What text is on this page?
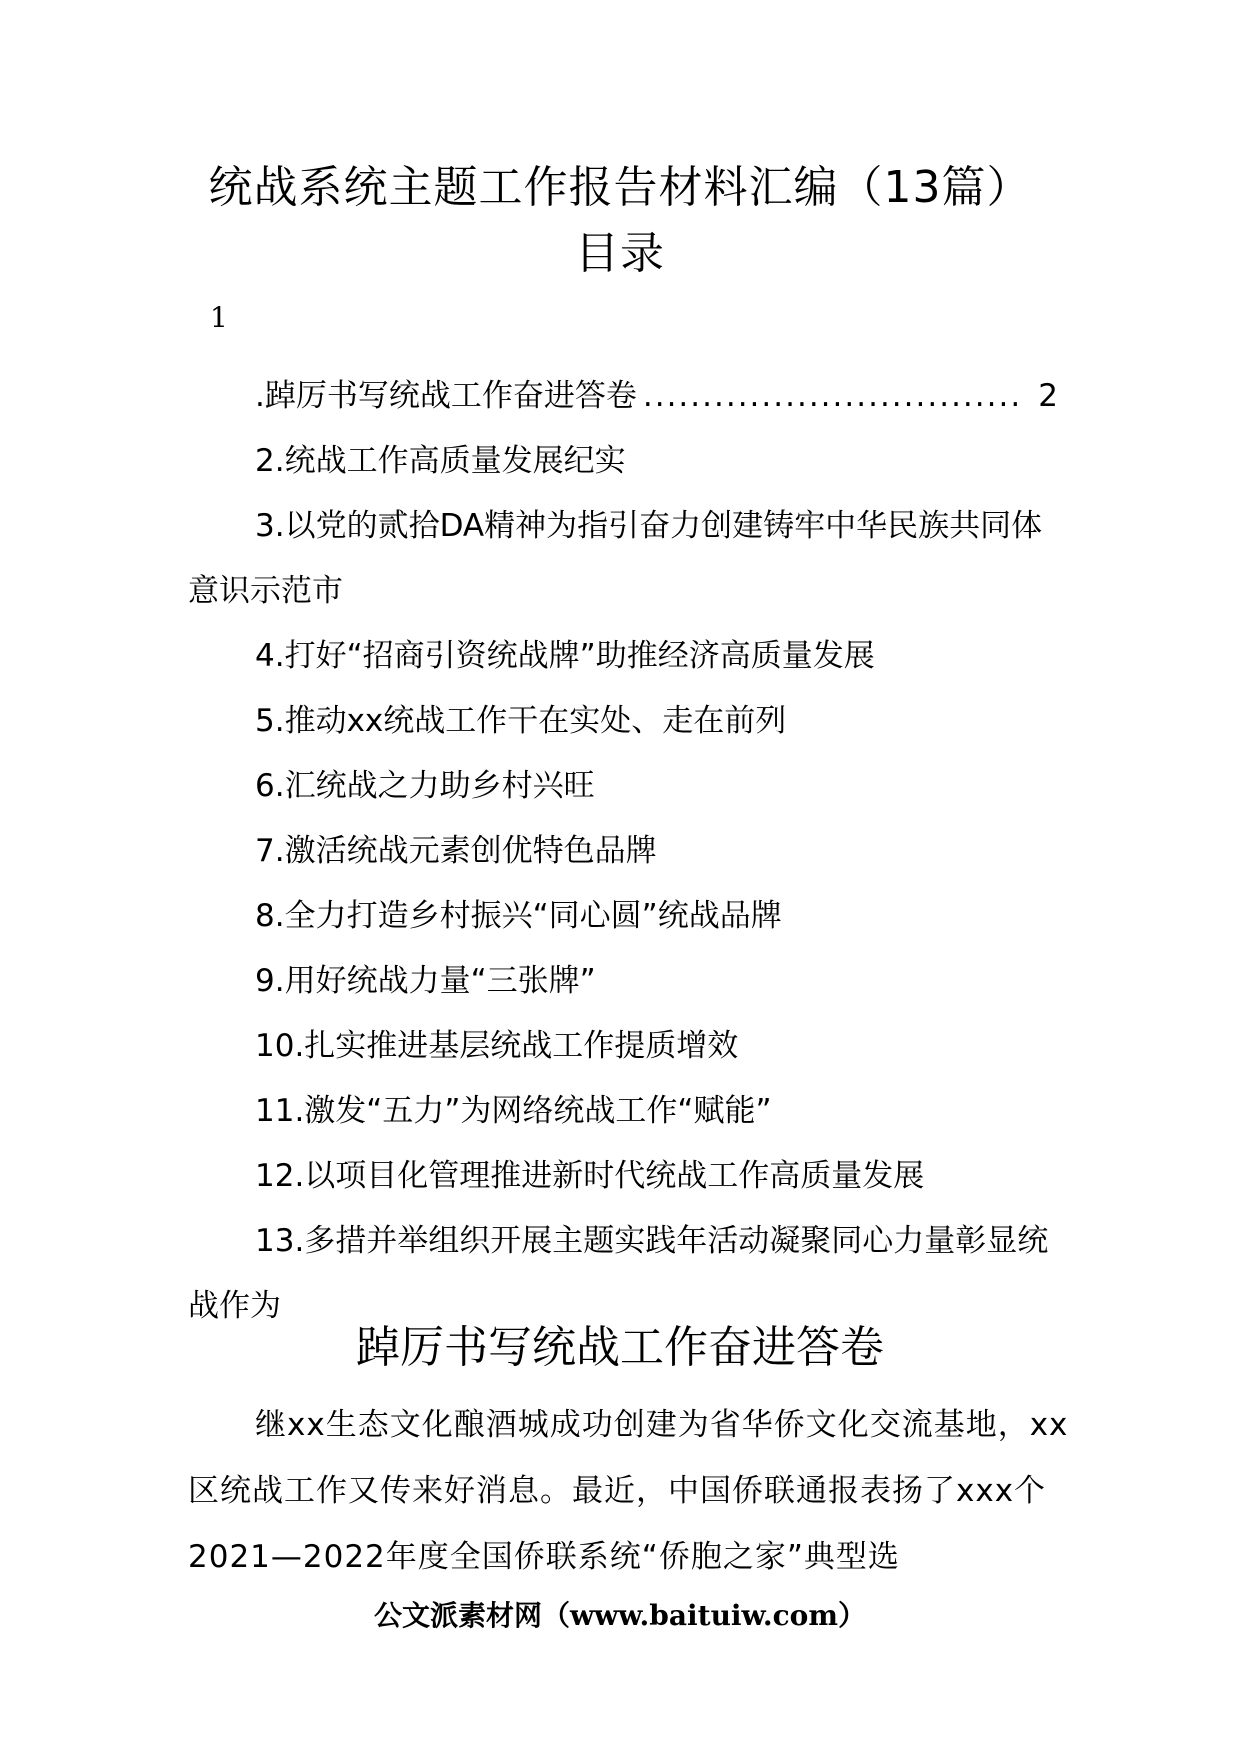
统战系统主题工作报告材料汇编（13篇）
目录
1
.踔厉书写统战工作奋进答卷 ................................ 2
2.统战工作高质量发展纪实
3.以党的贰拾DA精神为指引奋力创建铸牢中华民族共同体意识示范市
4.打好“招商引资统战牌”助推经济高质量发展
5.推动xx统战工作干在实处、走在前列
6.汇统战之力助乡村兴旺
7.激活统战元素创优特色品牌
8.全力打造乡村振兴“同心圆”统战品牌
9.用好统战力量“三张牌”
10.扎实推进基层统战工作提质增效
11.激发“五力”为网络统战工作“赋能”
12.以项目化管理推进新时代统战工作高质量发展
13.多措并举组织开展主题实践年活动凝聚同心力量彰显统战作为
踔厉书写统战工作奋进答卷
继xx生态文化酿酒城成功创建为省华侨文化交流基地，xx区统战工作又传来好消息。最近，中国侨联通报表扬了xxx个2021—2022年度全国侨联系统“侨胞之家”典型选
公文派素材网（www.baituiw.com）
